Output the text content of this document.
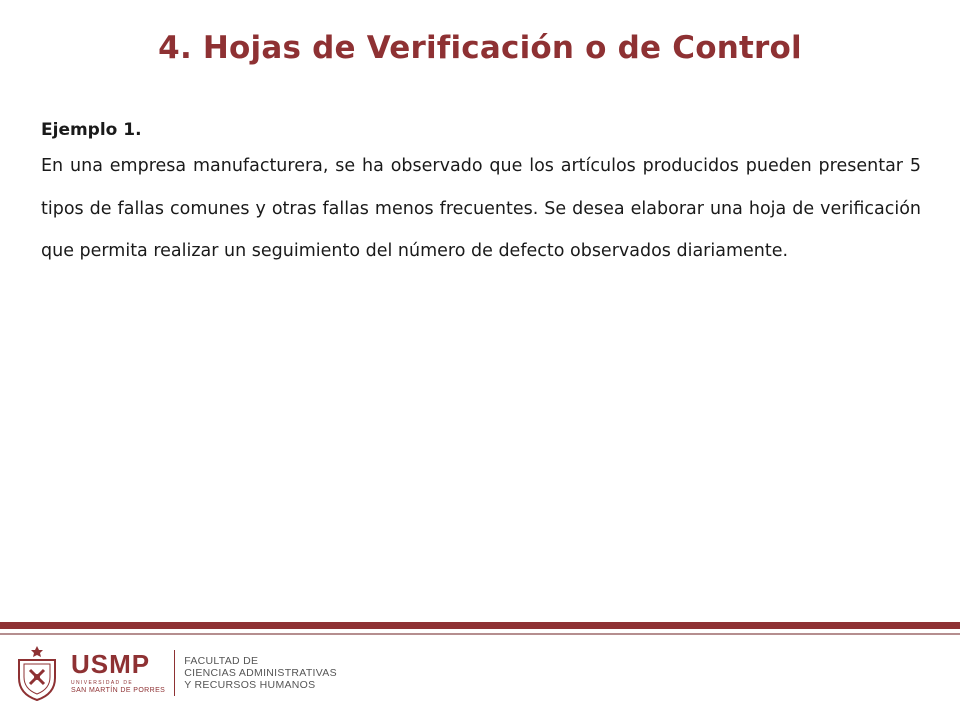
4. Hojas de Verificación o de Control

Ejemplo 1.

En una empresa manufacturera, se ha observado que los artículos producidos pueden presentar 5 tipos de fallas comunes y otras fallas menos frecuentes. Se desea elaborar una hoja de verificación que permita realizar un seguimiento del número de defecto observados diariamente.

USMP
UNIVERSIDAD DE
SAN MARTÍN DE PORRES
FACULTAD DE
CIENCIAS ADMINISTRATIVAS
Y RECURSOS HUMANOS
